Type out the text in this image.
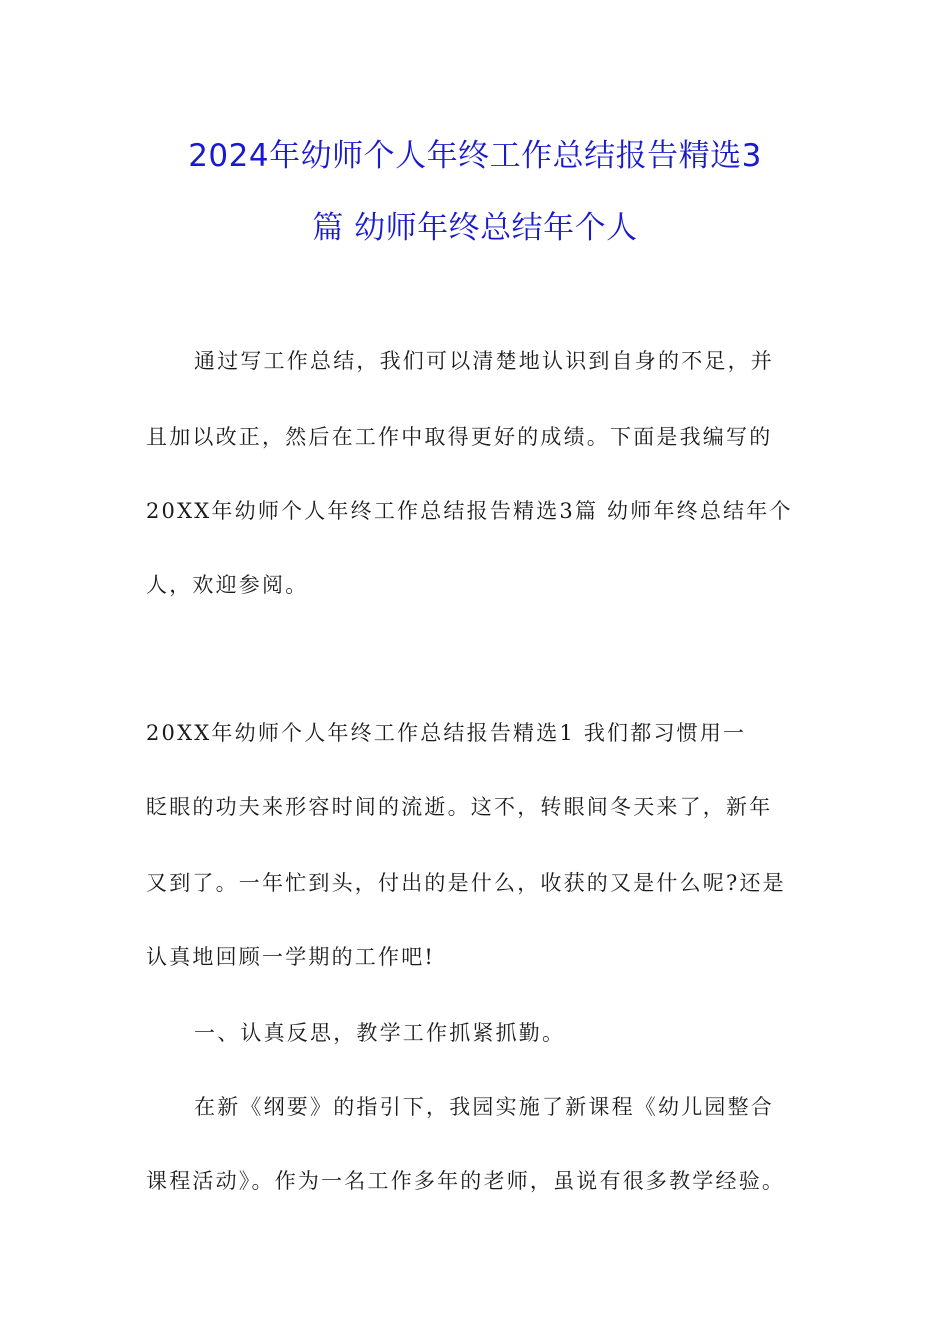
2024年幼师个人年终工作总结报告精选3
篇 幼师年终总结年个人
通过写工作总结，我们可以清楚地认识到自身的不足，并
且加以改正，然后在工作中取得更好的成绩。下面是我编写的
20XX年幼师个人年终工作总结报告精选3篇 幼师年终总结年个
人，欢迎参阅。
20XX年幼师个人年终工作总结报告精选1 我们都习惯用一
眨眼的功夫来形容时间的流逝。这不，转眼间冬天来了，新年
又到了。一年忙到头，付出的是什么，收获的又是什么呢?还是
认真地回顾一学期的工作吧!
一、认真反思，教学工作抓紧抓勤。
在新《纲要》的指引下，我园实施了新课程《幼儿园整合
课程活动》。作为一名工作多年的老师，虽说有很多教学经验。
